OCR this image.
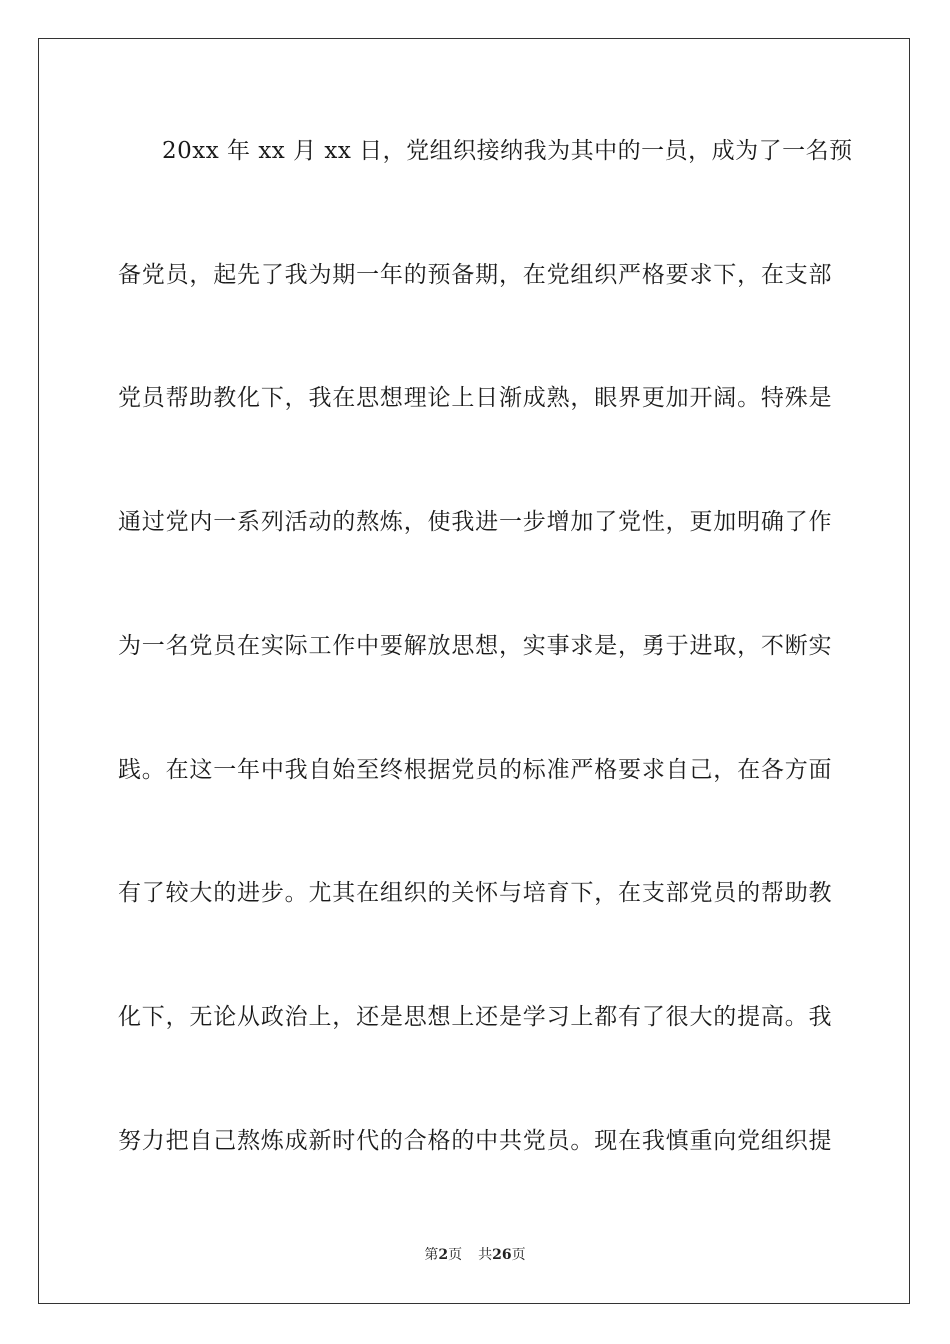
20xx 年 xx 月 xx 日，党组织接纳我为其中的一员，成为了一名预
备党员，起先了我为期一年的预备期，在党组织严格要求下，在支部
党员帮助教化下，我在思想理论上日渐成熟，眼界更加开阔。特殊是
通过党内一系列活动的熬炼，使我进一步增加了党性，更加明确了作
为一名党员在实际工作中要解放思想，实事求是，勇于进取，不断实
践。在这一年中我自始至终根据党员的标准严格要求自己，在各方面
有了较大的进步。尤其在组织的关怀与培育下，在支部党员的帮助教
化下，无论从政治上，还是思想上还是学习上都有了很大的提高。我
努力把自己熬炼成新时代的合格的中共党员。现在我慎重向党组织提
第2页 共26页
